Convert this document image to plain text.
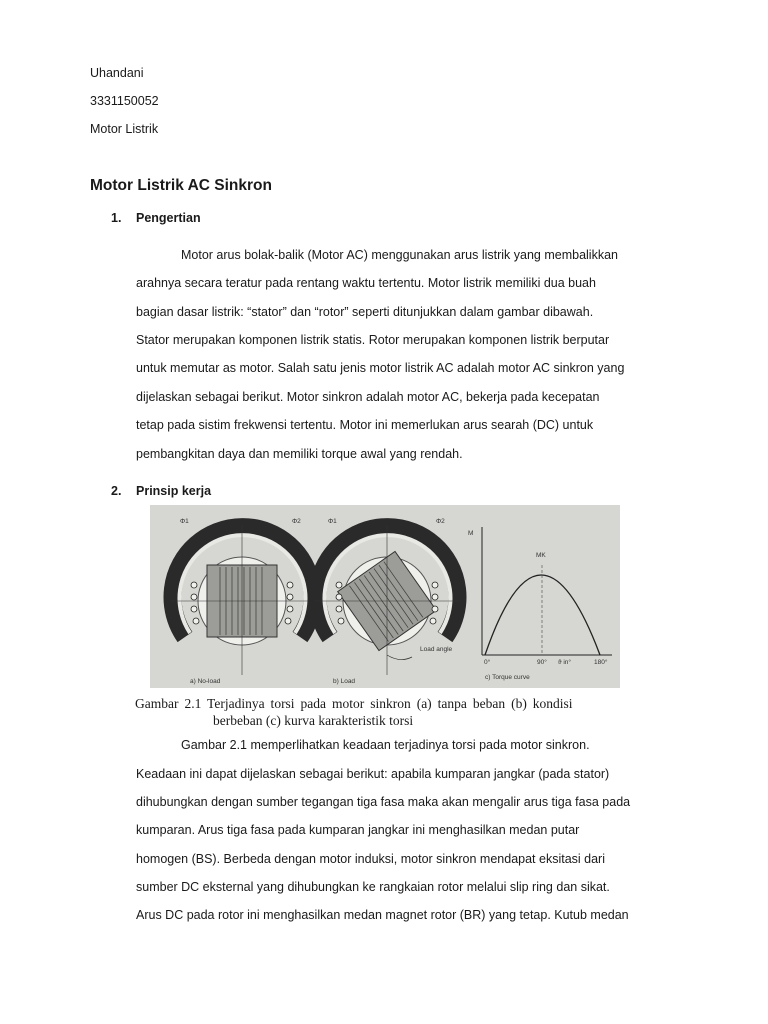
Uhandani
3331150052
Motor Listrik
Motor Listrik AC Sinkron
1. Pengertian
Motor arus bolak-balik (Motor AC) menggunakan arus listrik yang membalikkan
arahnya secara teratur pada rentang waktu tertentu. Motor listrik memiliki dua buah
bagian dasar listrik: “stator” dan “rotor” seperti ditunjukkan dalam gambar dibawah.
Stator merupakan komponen listrik statis. Rotor merupakan komponen listrik berputar
untuk memutar as motor. Salah satu jenis motor listrik AC adalah motor AC sinkron yang
dijelaskan sebagai berikut. Motor sinkron adalah motor AC, bekerja pada kecepatan
tetap pada sistim frekwensi tertentu. Motor ini memerlukan arus searah (DC) untuk
pembangkitan daya dan memiliki torque awal yang rendah.
2. Prinsip kerja
Φ1	Φ2
a) No-load
Φ1	Φ2
Load angle
b) Load
M
MK
0°	90° ϑ in°	180°
c) Torque curve
Gambar 2.1 Terjadinya torsi pada motor sinkron (a) tanpa beban (b) kondisi
berbeban (c) kurva karakteristik torsi
Gambar 2.1 memperlihatkan keadaan terjadinya torsi pada motor sinkron.
Keadaan ini dapat dijelaskan sebagai berikut: apabila kumparan jangkar (pada stator)
dihubungkan dengan sumber tegangan tiga fasa maka akan mengalir arus tiga fasa pada
kumparan. Arus tiga fasa pada kumparan jangkar ini menghasilkan medan putar
homogen (BS). Berbeda dengan motor induksi, motor sinkron mendapat eksitasi dari
sumber DC eksternal yang dihubungkan ke rangkaian rotor melalui slip ring dan sikat.
Arus DC pada rotor ini menghasilkan medan magnet rotor (BR) yang tetap. Kutub medan
